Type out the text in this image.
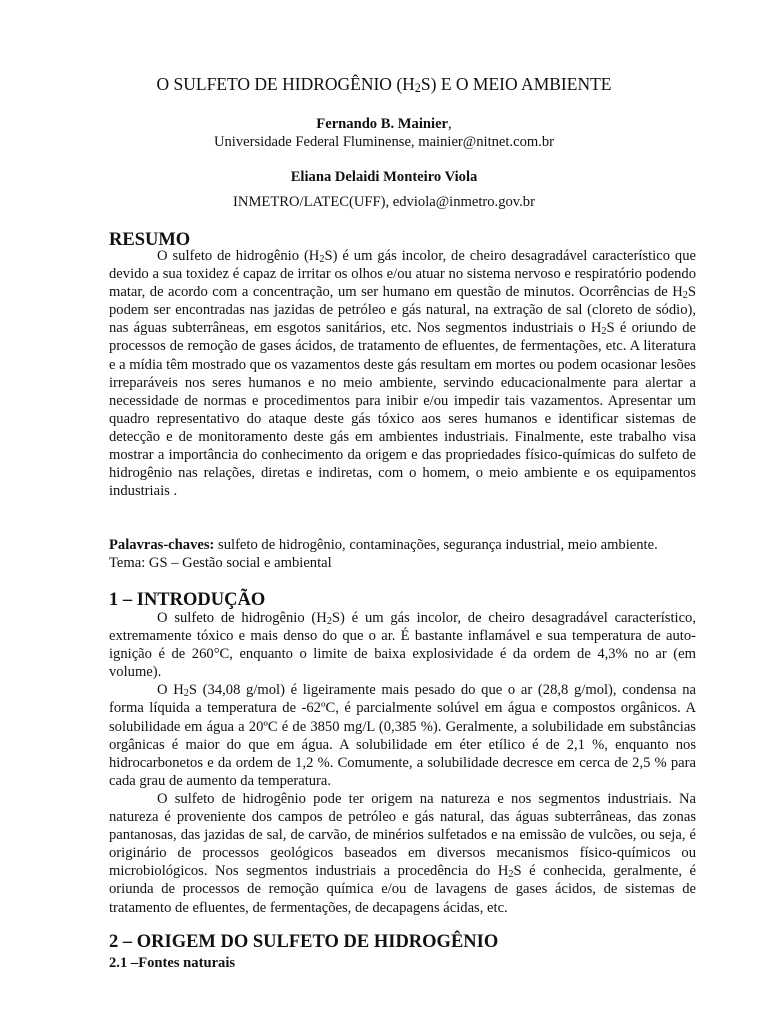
O SULFETO DE HIDROGÊNIO $(H_2S)$ E O MEIO AMBIENTE
Fernando B. Mainier,
Universidade Federal Fluminense, mainier@nitnet.com.br
Eliana Delaidi Monteiro Viola
INMETRO/LATEC(UFF), edviola@inmetro.gov.br
RESUMO

O sulfeto de hidrogênio $(H_2S)$ é um gás incolor, de cheiro desagradável característico que devido a sua toxidez é capaz de irritar os olhos e/ou atuar no sistema nervoso e respiratório podendo matar, de acordo com a concentração, um ser humano em questão de minutos. Ocorrências de $H_2S$ podem ser encontradas nas jazidas de petróleo e gás natural, na extração de sal (cloreto de sódio), nas águas subterrâneas, em esgotos sanitários, etc. Nos segmentos industriais o $H_2S$ é oriundo de processos de remoção de gases ácidos, de tratamento de efluentes, de fermentações, etc. A literatura e a mídia têm mostrado que os vazamentos deste gás resultam em mortes ou podem ocasionar lesões irreparáveis nos seres humanos e no meio ambiente, servindo educacionalmente para alertar a necessidade de normas e procedimentos para inibir e/ou impedir tais vazamentos. Apresentar um quadro representativo do ataque deste gás tóxico aos seres humanos e identificar sistemas de detecção e de monitoramento deste gás em ambientes industriais. Finalmente, este trabalho visa mostrar a importância do conhecimento da origem e das propriedades físico-químicas do sulfeto de hidrogênio nas relações, diretas e indiretas, com o homem, o meio ambiente e os equipamentos industriais .

Palavras-chaves: sulfeto de hidrogênio, contaminações, segurança industrial, meio ambiente.

Tema: GS – Gestão social e ambiental

1 – INTRODUÇÃO

O sulfeto de hidrogênio $(H_2S)$ é um gás incolor, de cheiro desagradável característico, extremamente tóxico e mais denso do que o ar. É bastante inflamável e sua temperatura de auto-ignição é de 260°C, enquanto o limite de baixa explosividade é da ordem de 4,3% no ar (em volume).

O $H_2S$ (34,08 g/mol) é ligeiramente mais pesado do que o ar (28,8 g/mol), condensa na forma líquida a temperatura de -62ºC, é parcialmente solúvel em água e compostos orgânicos. A solubilidade em água a 20ºC é de 3850 mg/L (0,385 %). Geralmente, a solubilidade em substâncias orgânicas é maior do que em água. A solubilidade em éter etílico é de 2,1 %, enquanto nos hidrocarbonetos e da ordem de 1,2 %. Comumente, a solubilidade decresce em cerca de 2,5 % para cada grau de aumento da temperatura.

O sulfeto de hidrogênio pode ter origem na natureza e nos segmentos industriais. Na natureza é proveniente dos campos de petróleo e gás natural, das águas subterrâneas, das zonas pantanosas, das jazidas de sal, de carvão, de minérios sulfetados e na emissão de vulcões, ou seja, é originário de processos geológicos baseados em diversos mecanismos físico-químicos ou microbiológicos. Nos segmentos industriais a procedência do $H_2S$ é conhecida, geralmente, é oriunda de processos de remoção química e/ou de lavagens de gases ácidos, de sistemas de tratamento de efluentes, de fermentações, de decapagens ácidas, etc.

2 – ORIGEM DO SULFETO DE HIDROGÊNIO
2.1 –Fontes naturais
